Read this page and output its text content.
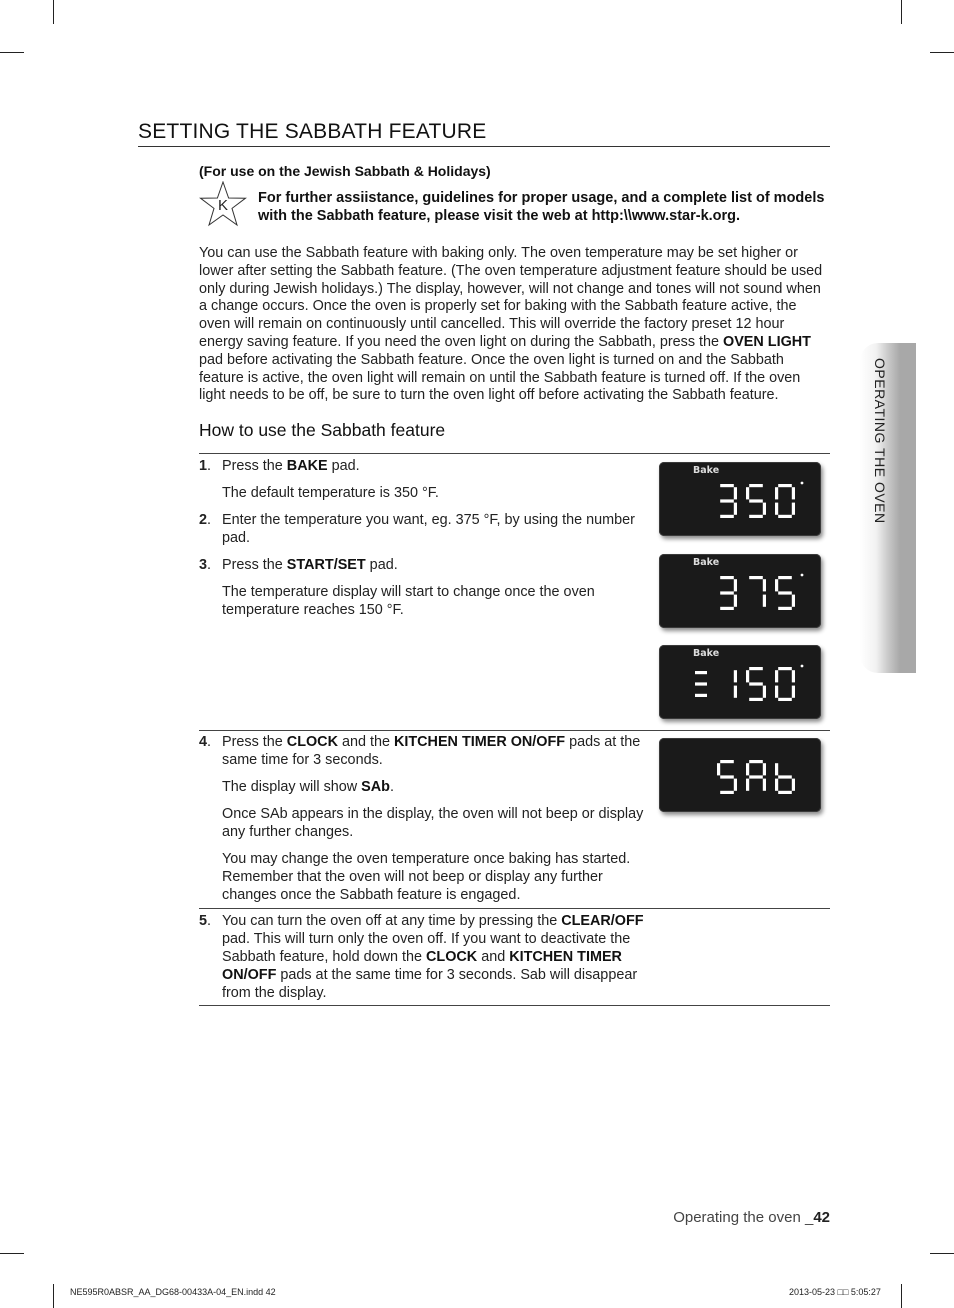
SETTING THE SABBATH FEATURE
(For use on the Jewish Sabbath & Holidays)
K For further assiistance, guidelines for proper usage, and a complete list of models with the Sabbath feature, please visit the web at http:\\www.star-k.org.
You can use the Sabbath feature with baking only. The oven temperature may be set higher or lower after setting the Sabbath feature. (The oven temperature adjustment feature should be used only during Jewish holidays.) The display, however, will not change and tones will not sound when a change occurs. Once the oven is properly set for baking with the Sabbath feature active, the oven will remain on continuously until cancelled. This will override the factory preset 12 hour energy saving feature. If you need the oven light on during the Sabbath, press the OVEN LIGHT pad before activating the Sabbath feature. Once the oven light is turned on and the Sabbath feature is active, the oven light will remain on until the Sabbath feature is turned off. If the oven light needs to be off, be sure to turn the oven light off before activating the Sabbath feature.
How to use the Sabbath feature
1. Press the BAKE pad.
The default temperature is 350 °F.
2. Enter the temperature you want, eg. 375 °F, by using the number pad.
3. Press the START/SET pad.
The temperature display will start to change once the oven temperature reaches 150 °F.
4. Press the CLOCK and the KITCHEN TIMER ON/OFF pads at the same time for 3 seconds.
The display will show SAb.
Once SAb appears in the display, the oven will not beep or display any further changes.
You may change the oven temperature once baking has started. Remember that the oven will not beep or display any further changes once the Sabbath feature is engaged.
5. You can turn the oven off at any time by pressing the CLEAR/OFF pad. This will turn only the oven off. If you want to deactivate the Sabbath feature, hold down the CLOCK and KITCHEN TIMER ON/OFF pads at the same time for 3 seconds. Sab will disappear from the display.
Bake
Bake
Bake
OPERATING THE OVEN
Operating the oven _42
NE595R0ABSR_AA_DG68-00433A-04_EN.indd 42	2013-05-23 □□ 5:05:27
